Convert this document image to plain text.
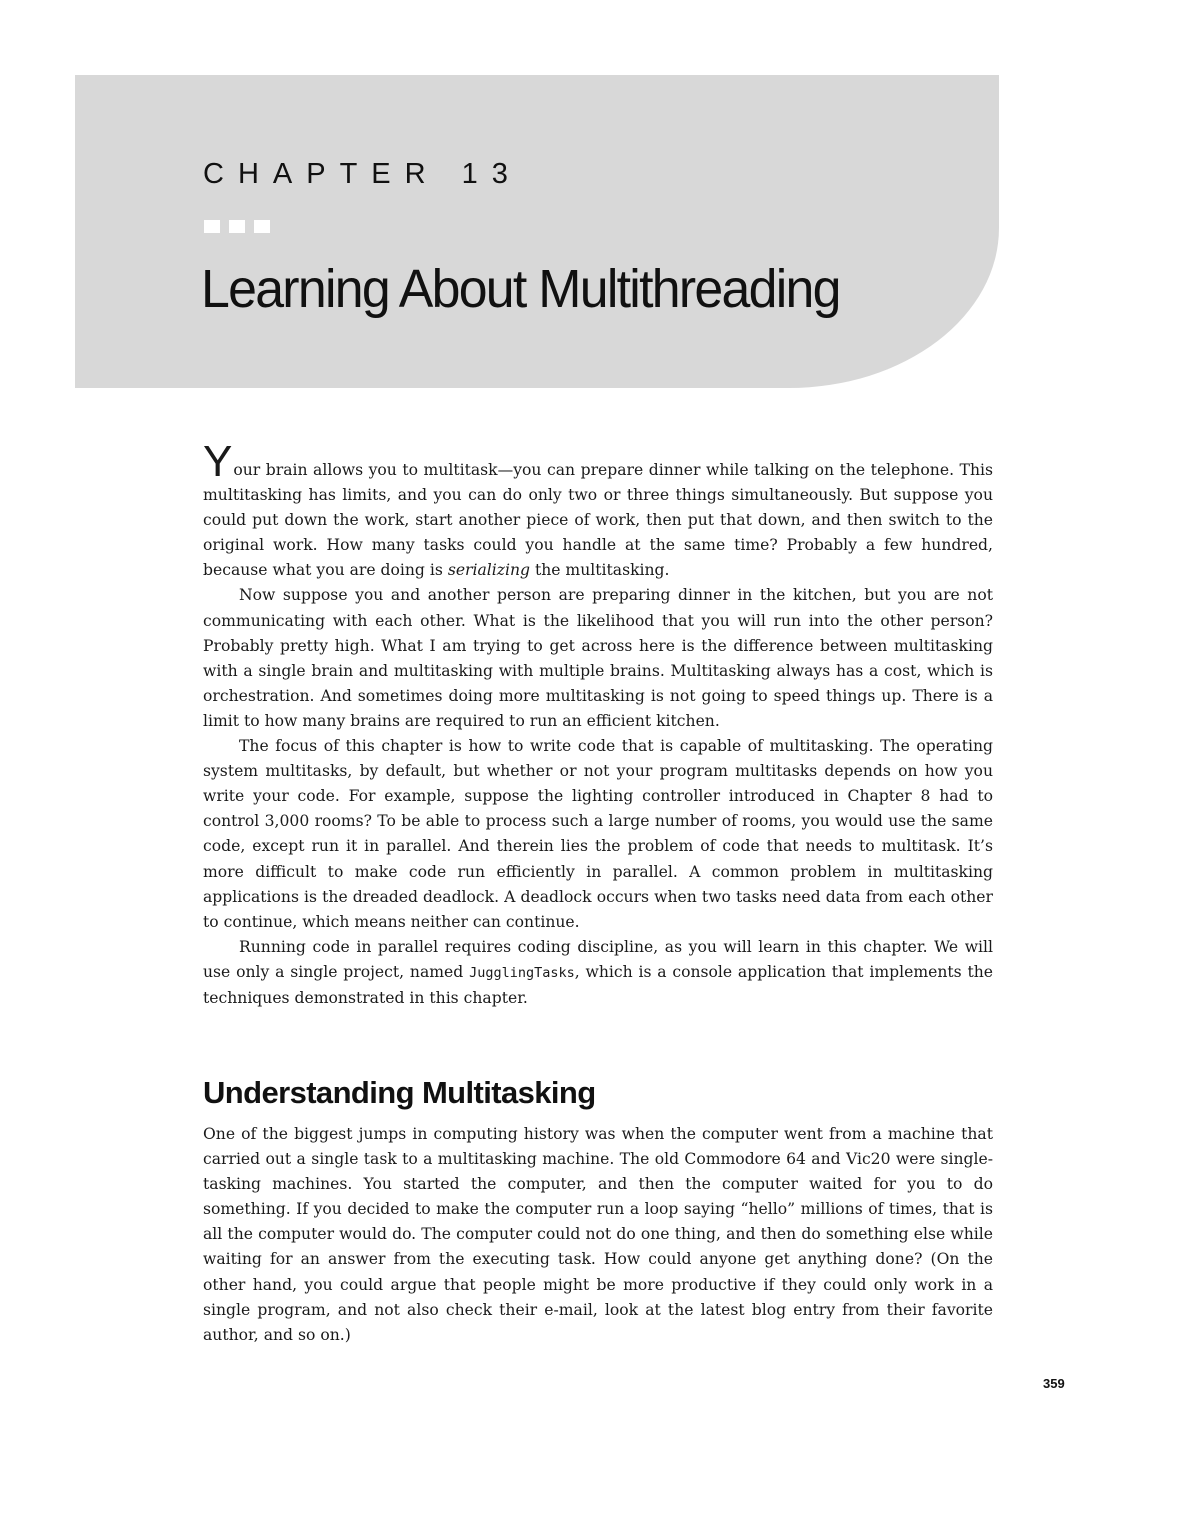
CHAPTER 13
Learning About Multithreading

Your brain allows you to multitask—you can prepare dinner while talking on the telephone. This multitasking has limits, and you can do only two or three things simultaneously. But suppose you could put down the work, start another piece of work, then put that down, and then switch to the original work. How many tasks could you handle at the same time? Probably a few hundred, because what you are doing is serializing the multitasking.

Now suppose you and another person are preparing dinner in the kitchen, but you are not communicating with each other. What is the likelihood that you will run into the other person? Probably pretty high. What I am trying to get across here is the difference between multitasking with a single brain and multitasking with multiple brains. Multitasking always has a cost, which is orchestration. And sometimes doing more multitasking is not going to speed things up. There is a limit to how many brains are required to run an efficient kitchen.

The focus of this chapter is how to write code that is capable of multitasking. The operating system multitasks, by default, but whether or not your program multitasks depends on how you write your code. For example, suppose the lighting controller introduced in Chapter 8 had to control 3,000 rooms? To be able to process such a large number of rooms, you would use the same code, except run it in parallel. And therein lies the problem of code that needs to multitask. It’s more difficult to make code run efficiently in parallel. A common problem in multitasking applications is the dreaded deadlock. A deadlock occurs when two tasks need data from each other to continue, which means neither can continue.

Running code in parallel requires coding discipline, as you will learn in this chapter. We will use only a single project, named JugglingTasks, which is a console application that implements the techniques demonstrated in this chapter.

Understanding Multitasking

One of the biggest jumps in computing history was when the computer went from a machine that carried out a single task to a multitasking machine. The old Commodore 64 and Vic20 were single-tasking machines. You started the computer, and then the computer waited for you to do something. If you decided to make the computer run a loop saying “hello” millions of times, that is all the computer would do. The computer could not do one thing, and then do something else while waiting for an answer from the executing task. How could anyone get anything done? (On the other hand, you could argue that people might be more productive if they could only work in a single program, and not also check their e-mail, look at the latest blog entry from their favorite author, and so on.)

359
